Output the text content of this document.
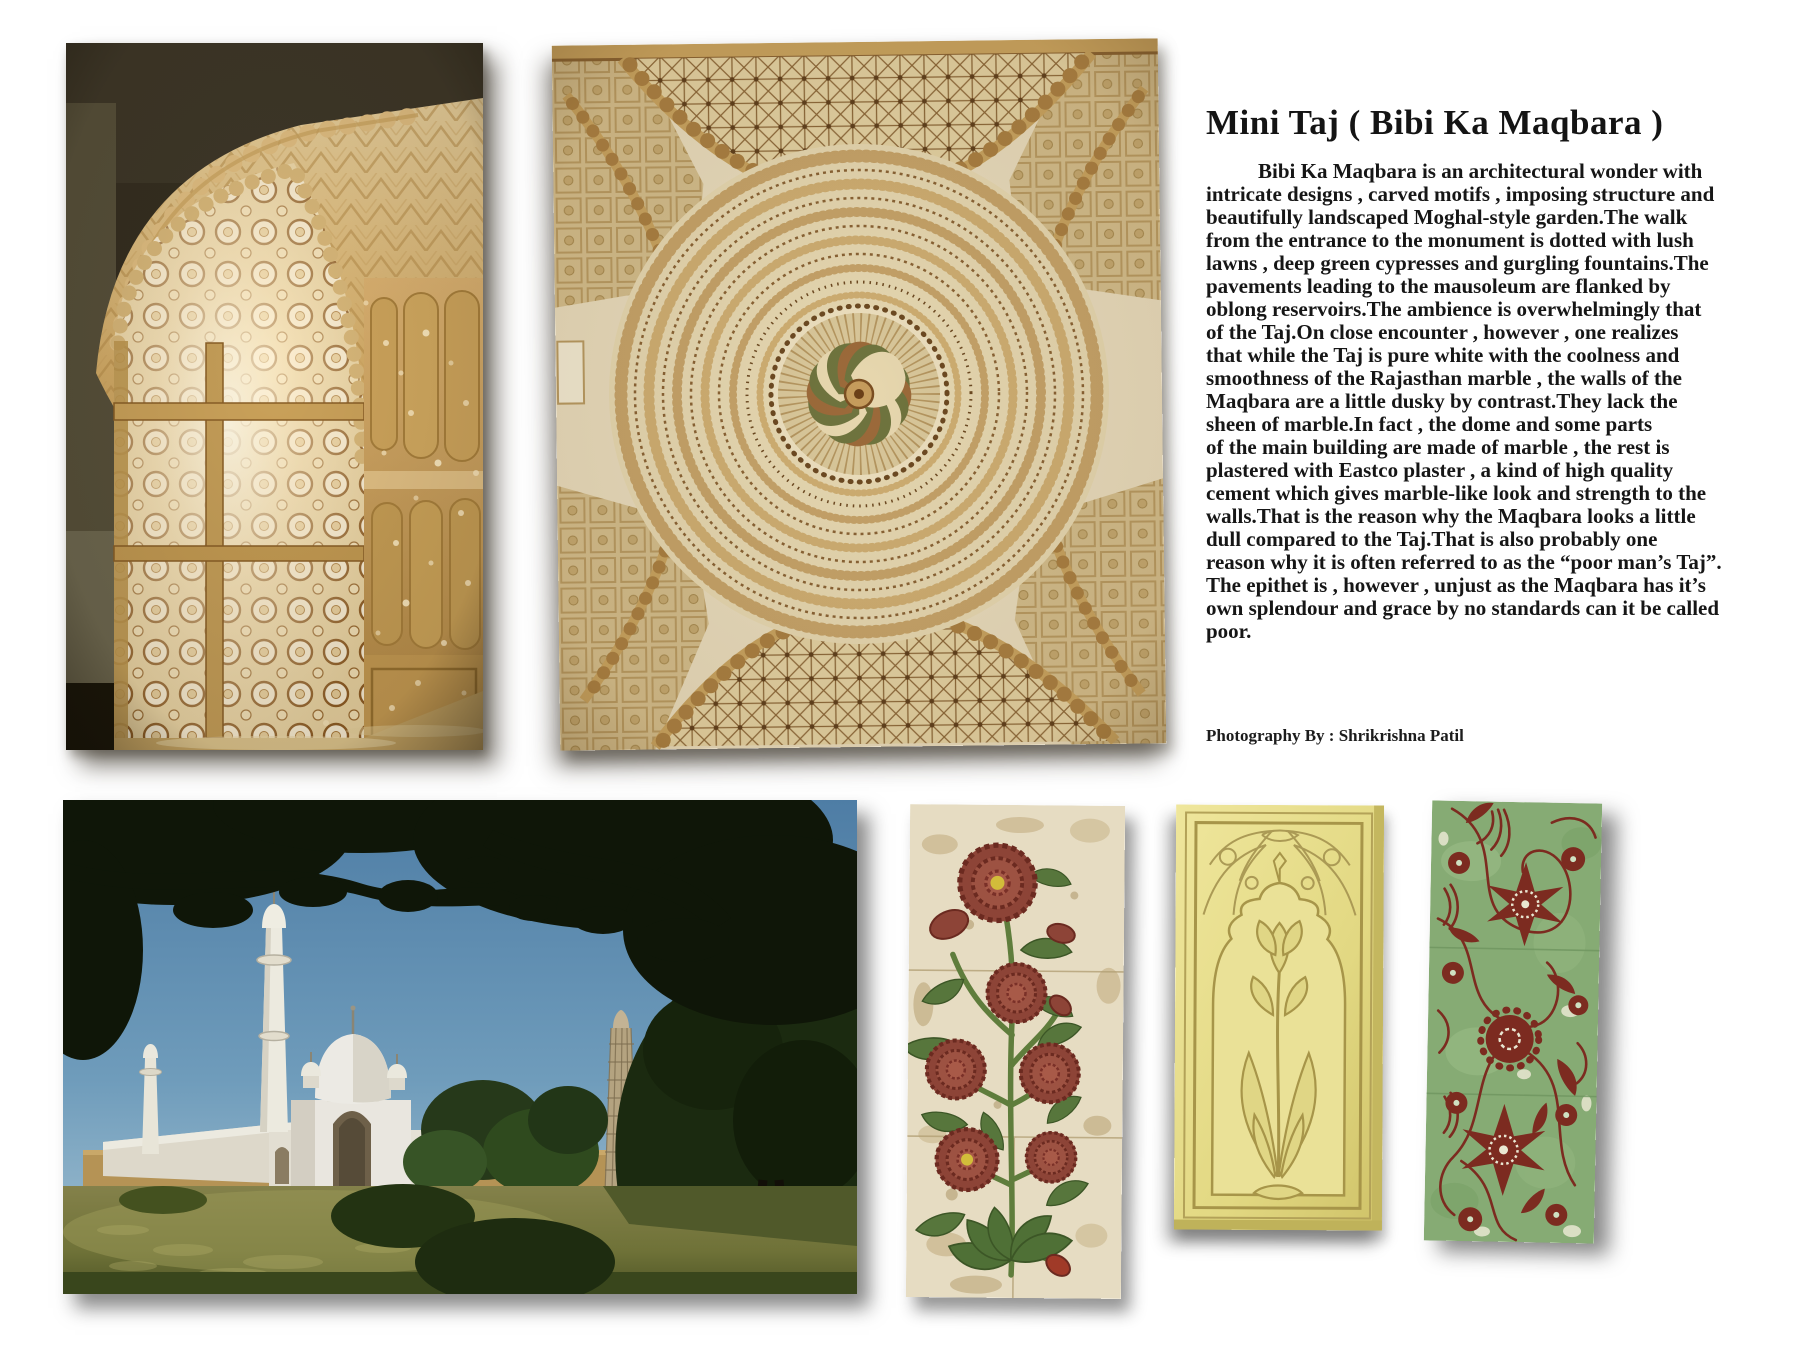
Mini Taj ( Bibi Ka Maqbara )
Bibi Ka Maqbara is an architectural wonder with
intricate designs , carved motifs , imposing structure and
beautifully landscaped Moghal-style garden.The walk
from the entrance to the monument is dotted with lush
lawns , deep green cypresses and gurgling fountains.The
pavements leading to the mausoleum are flanked by
oblong reservoirs.The ambience is overwhelmingly that
of the Taj.On close encounter , however , one realizes
that while the Taj is pure white with the coolness and
smoothness of the Rajasthan marble , the walls of the
Maqbara are a little dusky by contrast.They lack the
sheen of marble.In fact , the dome and some parts
of the main building are made of marble , the rest is
plastered with Eastco plaster , a kind of high quality
cement which gives marble-like look and strength to the
walls.That is the reason why the Maqbara looks a little
dull compared to the Taj.That is also probably one
reason why it is often referred to as the “poor man’s Taj”.
The epithet is , however , unjust as the Maqbara has it’s
own splendour and grace by no standards can it be called
poor.
Photography By : Shrikrishna Patil
